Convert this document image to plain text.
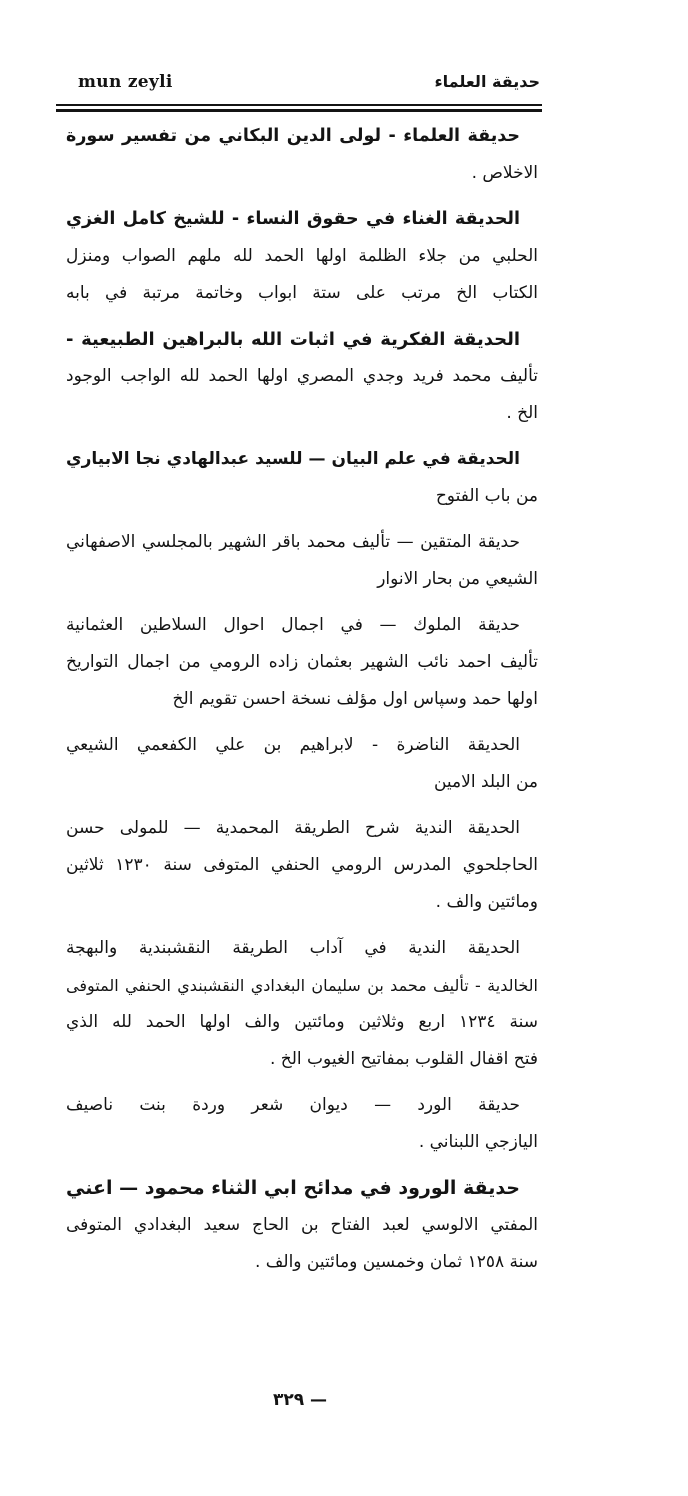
mun zeyli	حديقة العلماء
حديقة العلماء - لولى الدين البكاني من تفسير سورة
الاخلاص .
الحديقة الغناء في حقوق النساء - للشيخ كامل الغزي
الحلبي من جلاء الظلمة اولها الحمد لله ملهم الصواب ومنزل
الكتاب الخ مرتب على ستة ابواب وخاتمة مرتبة في بابه
الحديقة الفكرية في اثبات الله بالبراهين الطبيعية -
تأليف محمد فريد وجدي المصري اولها الحمد لله الواجب الوجود
الخ .
الحديقة في علم البيان — للسيد عبدالهادي نجا الابياري
من باب الفتوح
حديقة المتقين — تأليف محمد باقر الشهير بالمجلسي الاصفهاني
الشيعي من بحار الانوار
حديقة الملوك — في اجمال احوال السلاطين العثمانية
تأليف احمد نائب الشهير بعثمان زاده الرومي من اجمال التواريخ
اولها حمد وسپاس اول مؤلف نسخة احسن تقويم الخ
الحديقة الناضرة - لابراهيم بن علي الكفعمي الشيعي
من البلد الامين
الحديقة الندية شرح الطريقة المحمدية — للمولى حسن
الحاجلحوي المدرس الرومي الحنفي المتوفى سنة ١٢٣٠ ثلاثين
ومائتين والف .
الحديقة الندية في آداب الطريقة النقشبندية والبهجة
الخالدية - تأليف محمد بن سليمان البغدادي النقشبندي الحنفي المتوفى
سنة ١٢٣٤ اربع وثلاثين ومائتين والف اولها الحمد لله الذي
فتح اقفال القلوب بمفاتيح الغيوب الخ .
حديقة الورد — ديوان شعر وردة بنت ناصيف
اليازجي اللبناني .
حديقة الورود في مدائح ابي الثناء محمود — اعني
المفتي الالوسي لعبد الفتاح بن الحاج سعيد البغدادي المتوفى
سنة ١٢٥٨ ثمان وخمسين ومائتين والف .
— ٣٢٩
